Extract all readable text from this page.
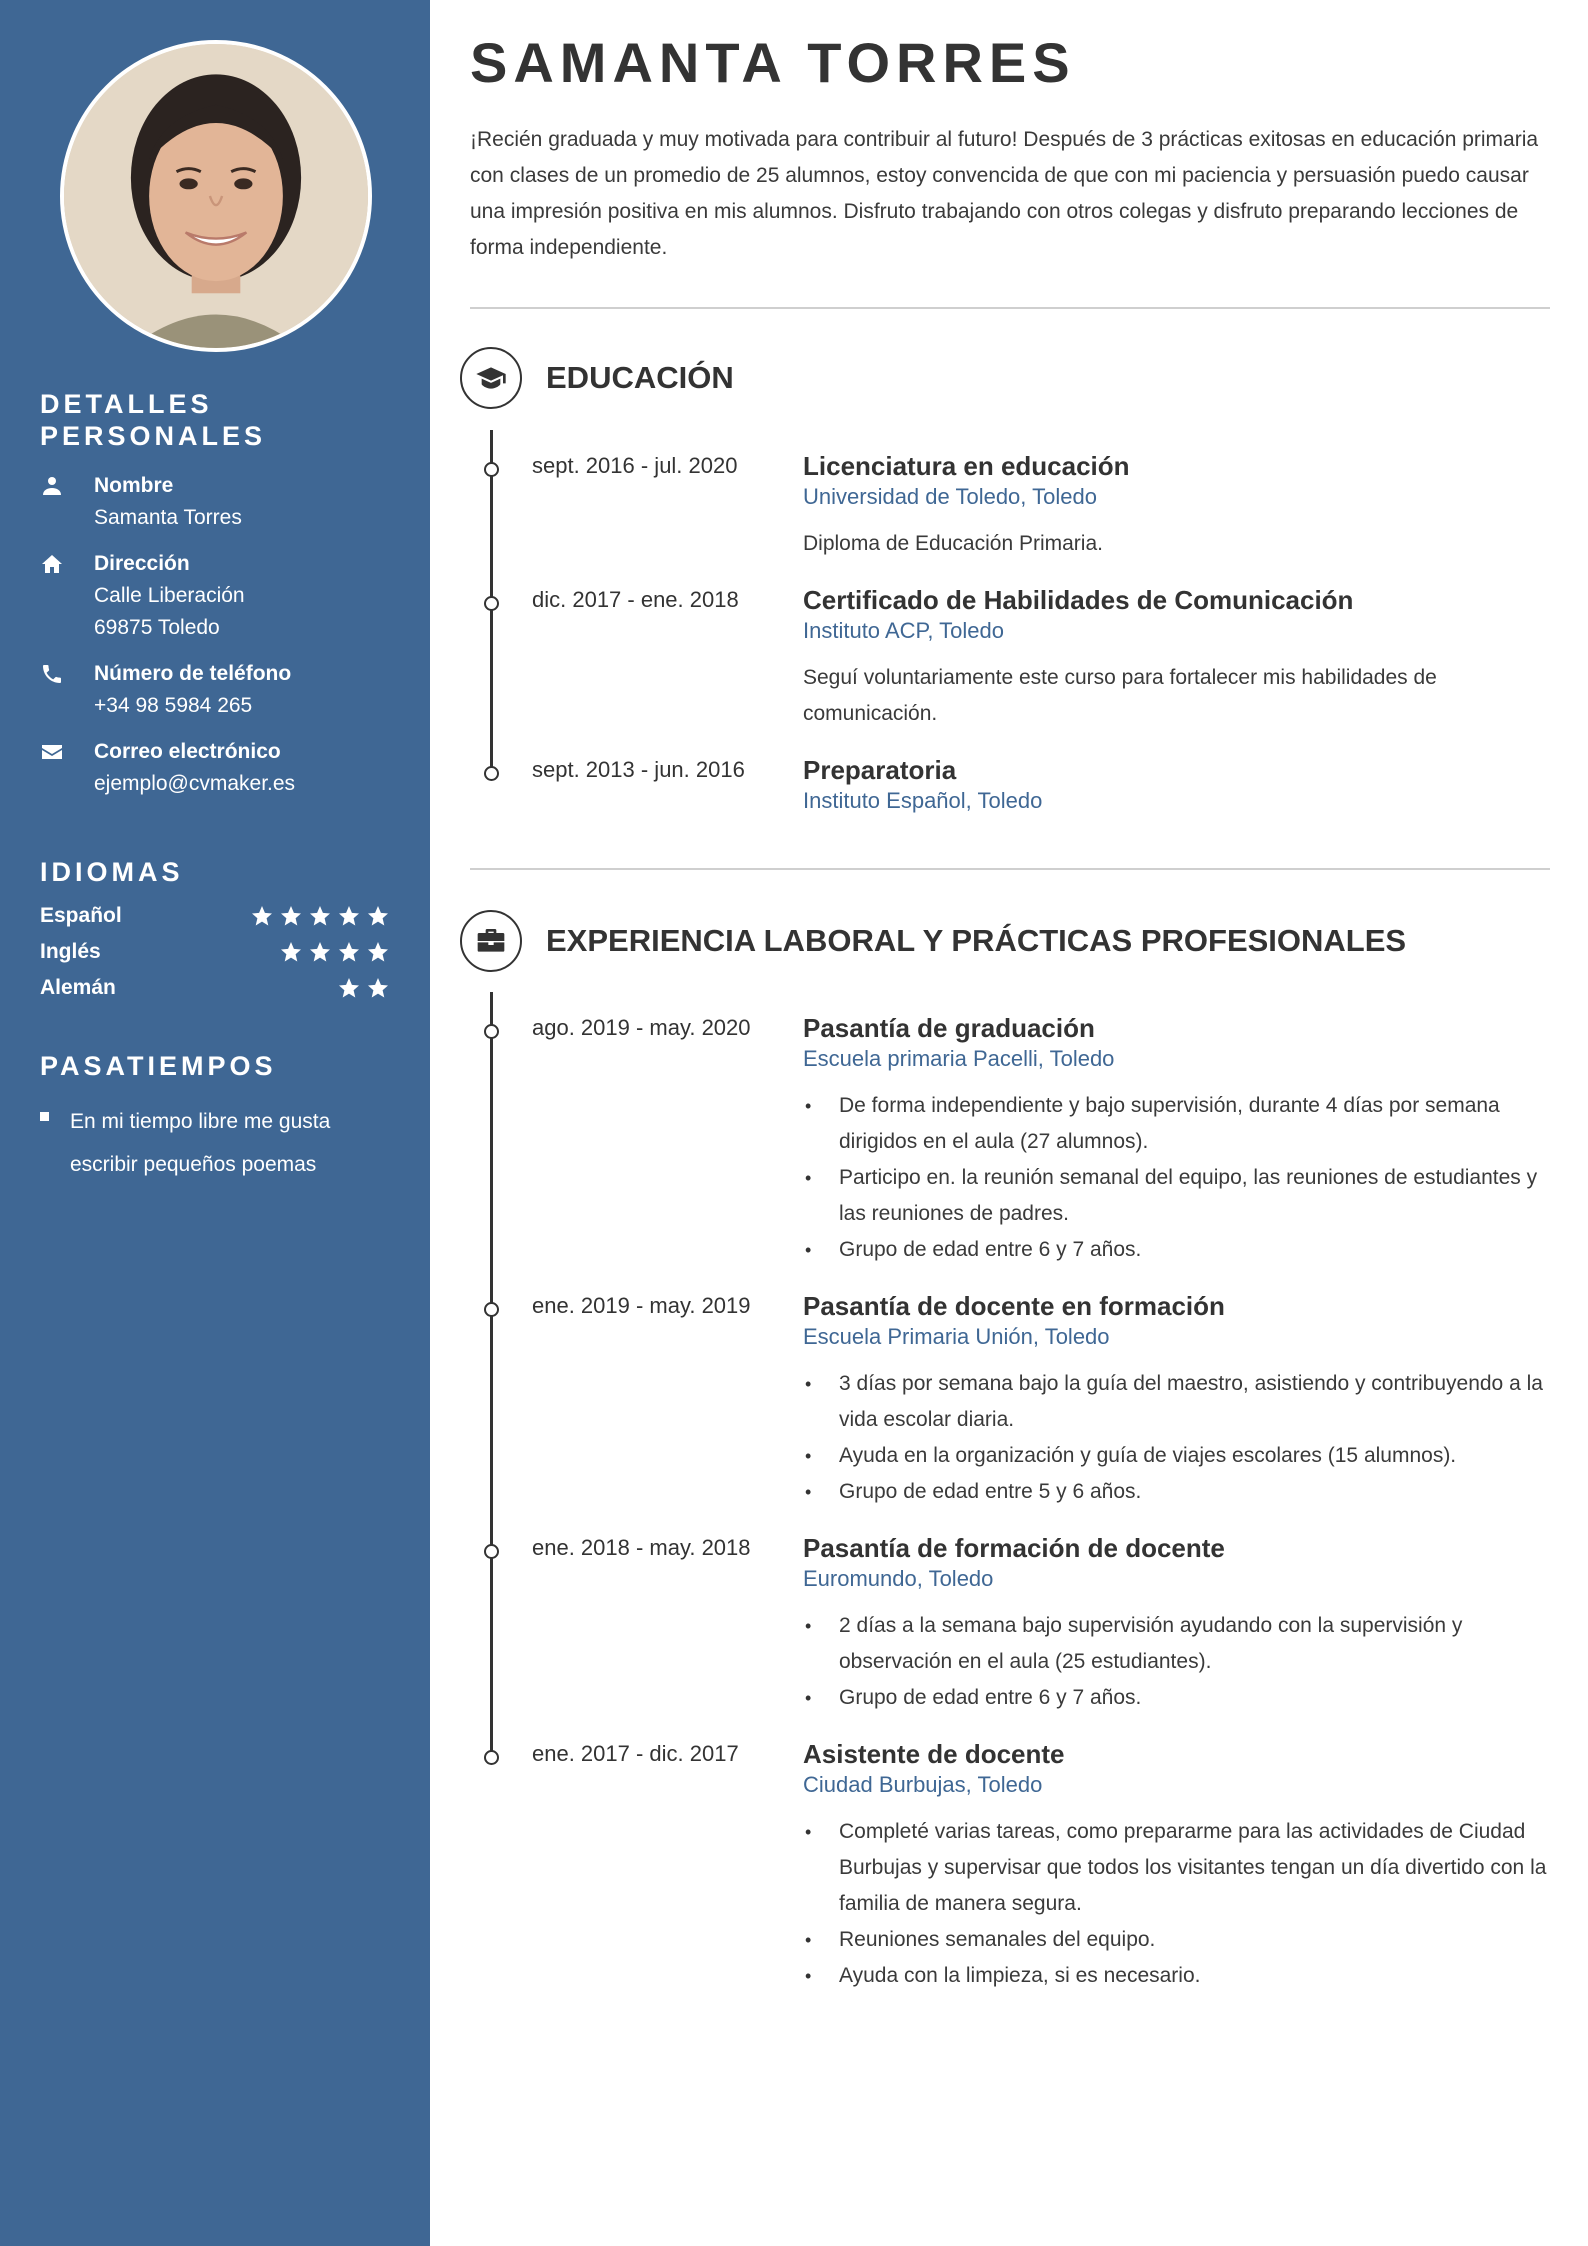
DETALLES PERSONALES
Nombre
Samanta Torres
Dirección
Calle Liberación
69875 Toledo
Número de teléfono
+34 98 5984 265
Correo electrónico
ejemplo@cvmaker.es
IDIOMAS
Español
Inglés
Alemán
PASATIEMPOS
En mi tiempo libre me gusta escribir pequeños poemas
SAMANTA TORRES

¡Recién graduada y muy motivada para contribuir al futuro! Después de 3 prácticas exitosas en educación primaria con clases de un promedio de 25 alumnos, estoy convencida de que con mi paciencia y persuasión puedo causar una impresión positiva en mis alumnos. Disfruto trabajando con otros colegas y disfruto preparando lecciones de forma independiente.

EDUCACIÓN
sept. 2016 - jul. 2020	Licenciatura en educación
Universidad de Toledo, Toledo
Diploma de Educación Primaria.
dic. 2017 - ene. 2018 Certificado de Habilidades de Comunicación
Instituto ACP, Toledo
Seguí voluntariamente este curso para fortalecer mis habilidades de comunicación.
sept. 2013 - jun. 2016 Preparatoria
Instituto Español, Toledo
EXPERIENCIA LABORAL Y PRÁCTICAS PROFESIONALES
ago. 2019 - may. 2020 Pasantía de graduación
Escuela primaria Pacelli, Toledo
• De forma independiente y bajo supervisión, durante 4 días por semana dirigidos en el aula (27 alumnos).
• Participo en. la reunión semanal del equipo, las reuniones de estudiantes y las reuniones de padres.
• Grupo de edad entre 6 y 7 años.
ene. 2019 - may. 2019 Pasantía de docente en formación
Escuela Primaria Unión, Toledo
• 3 días por semana bajo la guía del maestro, asistiendo y contribuyendo a la vida escolar diaria.
• Ayuda en la organización y guía de viajes escolares (15 alumnos).
• Grupo de edad entre 5 y 6 años.
ene. 2018 - may. 2018 Pasantía de formación de docente
Euromundo, Toledo
• 2 días a la semana bajo supervisión ayudando con la supervisión y observación en el aula (25 estudiantes).
• Grupo de edad entre 6 y 7 años.
ene. 2017 - dic. 2017 Asistente de docente
Ciudad Burbujas, Toledo
• Completé varias tareas, como prepararme para las actividades de Ciudad Burbujas y supervisar que todos los visitantes tengan un día divertido con la familia de manera segura.
• Reuniones semanales del equipo.
• Ayuda con la limpieza, si es necesario.
